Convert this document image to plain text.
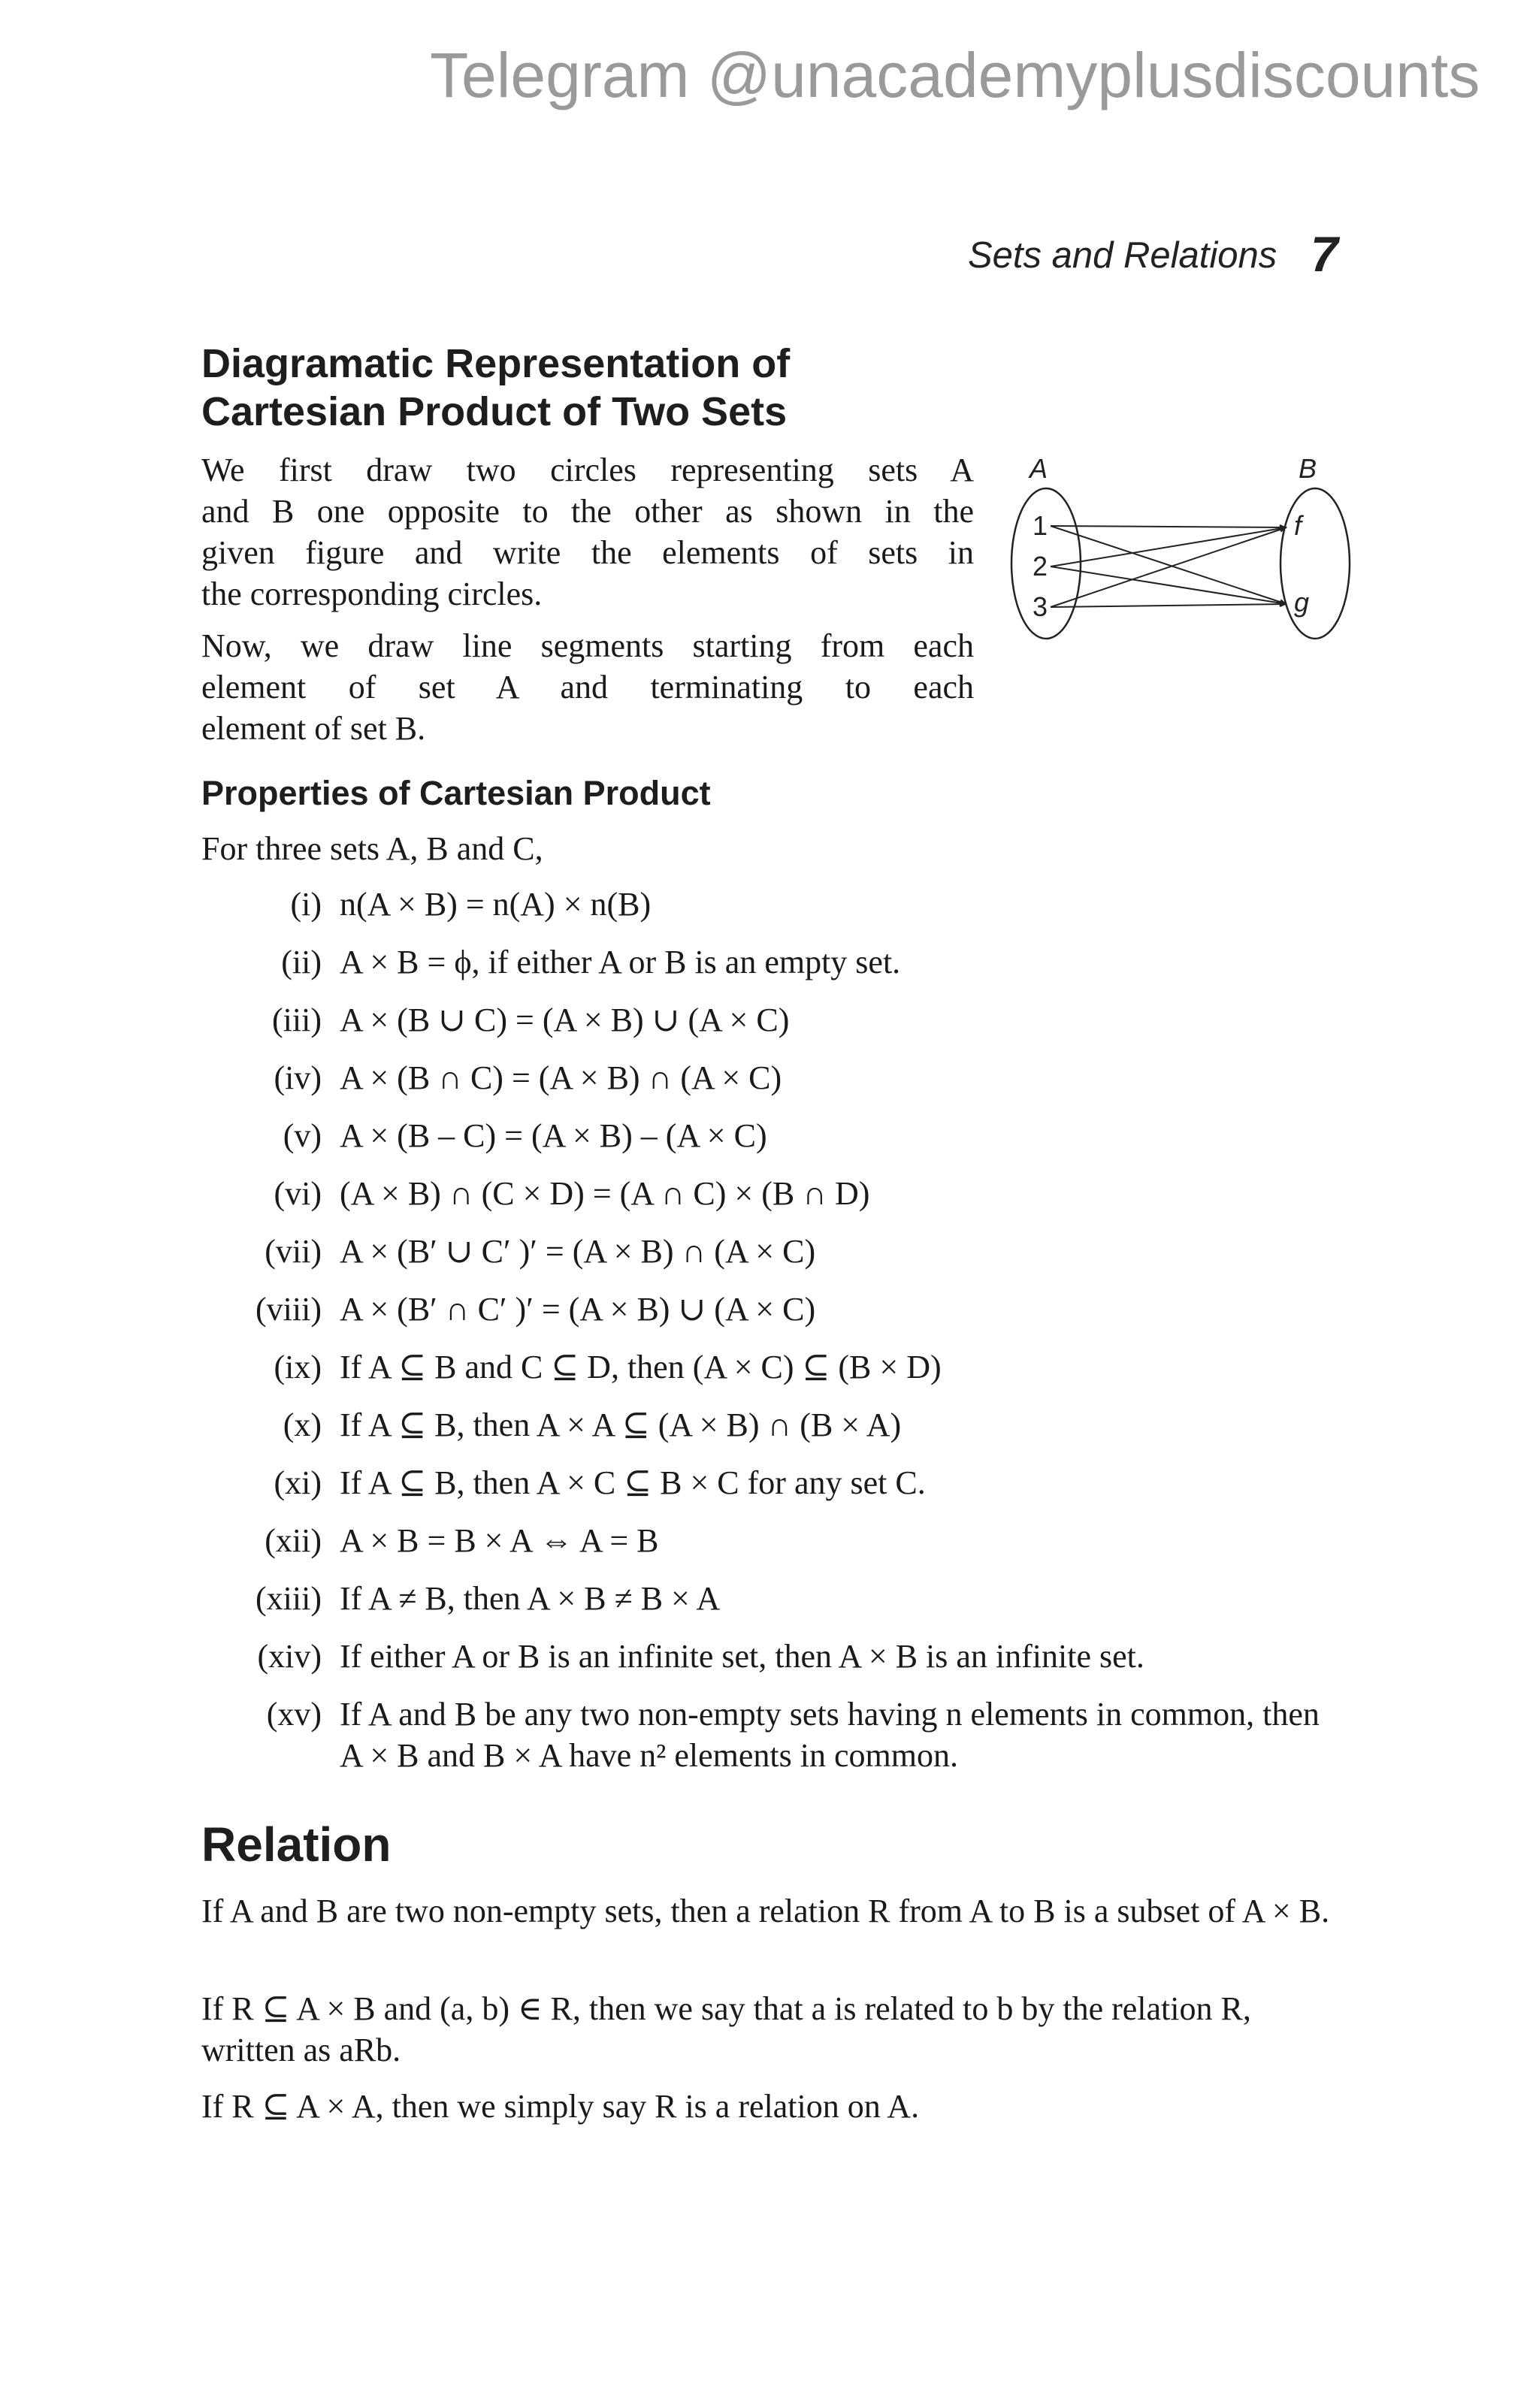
Telegram @unacademyplusdiscounts
Sets and Relations 7
Diagramatic Representation of
Cartesian Product of Two Sets
We first draw two circles representing sets A
and B one opposite to the other as shown in the
given figure and write the elements of sets in
the corresponding circles.
Now, we draw line segments starting from each
element of set A and terminating to each
element of set B.
A	B
1
2
3
f
g
Properties of Cartesian Product
For three sets A, B and C,
(i) n(A × B) = n(A) × n(B)
(ii) A × B = ϕ, if either A or B is an empty set.
(iii) A × (B ∪ C) = (A × B) ∪ (A × C)
(iv) A × (B ∩ C) = (A × B) ∩ (A × C)
(v) A × (B – C) = (A × B) – (A × C)
(vi) (A × B) ∩ (C × D) = (A ∩ C) × (B ∩ D)
(vii) A × (B′ ∪ C′ )′ = (A × B) ∩ (A × C)
(viii) A × (B′ ∩ C′ )′ = (A × B) ∪ (A × C)
(ix) If A ⊆ B and C ⊆ D, then (A × C) ⊆ (B × D)
(x) If A ⊆ B, then A × A ⊆ (A × B) ∩ (B × A)
(xi) If A ⊆ B, then A × C ⊆ B × C for any set C.
(xii) A × B = B × A ⇔ A = B
(xiii) If A ≠ B, then A × B ≠ B × A
(xiv) If either A or B is an infinite set, then A × B is an infinite set.
(xv) If A and B be any two non-empty sets having n elements in common, then A × B and B × A have n² elements in common.
Relation

If A and B are two non-empty sets, then a relation R from A to B is a subset of A × B.

If R ⊆ A × B and (a, b) ∈ R, then we say that a is related to b by the relation R, written as aRb.

If R ⊆ A × A, then we simply say R is a relation on A.
